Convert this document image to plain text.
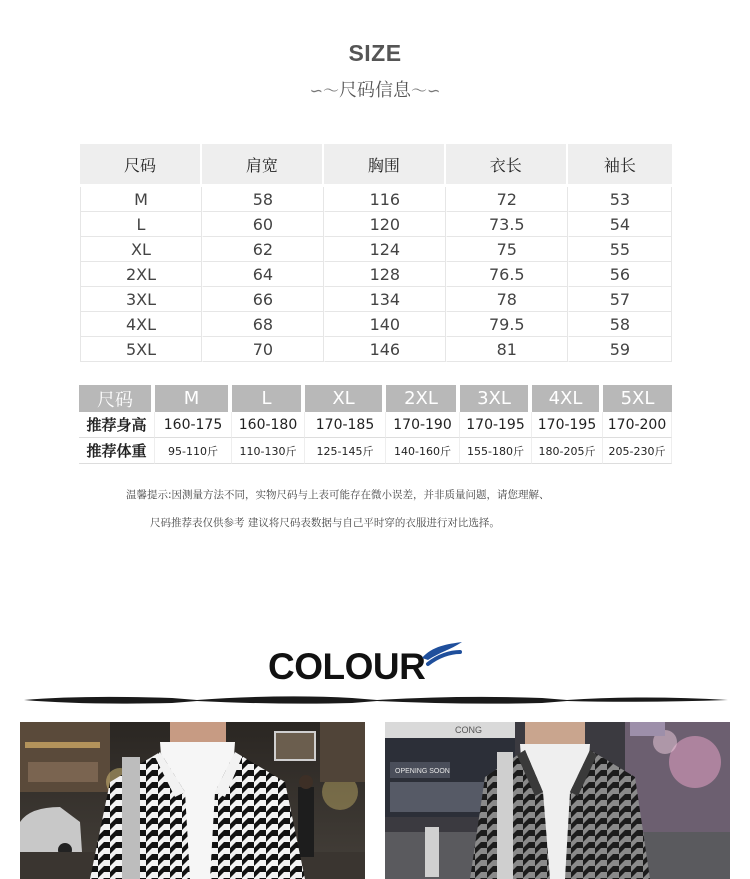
SIZE
∽〜尺码信息〜∽
尺码	肩宽	胸围	衣长	袖长

M	58	116	72	53
L	60	120	73.5	54
XL	62	124	75	55
2XL	64	128	76.5	56
3XL	66	134	78	57
4XL	68	140	79.5	58
5XL	70	146	81	59
尺码	M	L	XL	2XL	3XL	4XL	5XL
推荐身高	160-175	160-180	170-185	170-190	170-195	170-195	170-200
推荐体重	95-110斤	110-130斤	125-145斤	140-160斤	155-180斤	180-205斤	205-230斤
温馨提示:因测量方法不同，实物尺码与上表可能存在微小误差，并非质量问题，请您理解、
尺码推荐表仅供参考 建议将尺码表数据与自己平时穿的衣服进行对比选择。
COLOUR
CONG
OPENING SOON
